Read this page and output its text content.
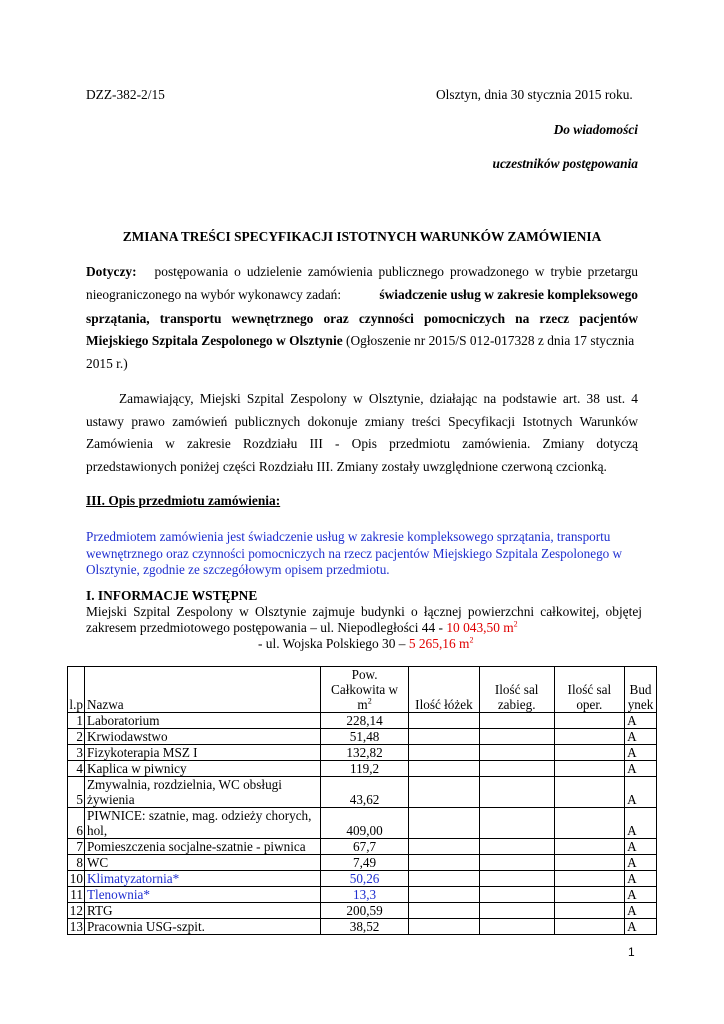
DZZ-382-2/15	Olsztyn, dnia 30 stycznia 2015 roku.
Do wiadomości
uczestników postępowania
ZMIANA TREŚCI SPECYFIKACJI ISTOTNYCH WARUNKÓW ZAMÓWIENIA
Dotyczy: postępowania o udzielenie zamówienia publicznego prowadzonego w trybie przetargu
nieograniczonego na wybór wykonawcy zadań:	świadczenie usług w zakresie kompleksowego
sprzątania, transportu wewnętrznego oraz czynności pomocniczych na rzecz pacjentów
Miejskiego Szpitala Zespolonego w Olsztynie (Ogłoszenie nr 2015/S 012-017328 z dnia 17 stycznia
2015 r.)
Zamawiający, Miejski Szpital Zespolony w Olsztynie, działając na podstawie art. 38 ust. 4
ustawy prawo zamówień publicznych dokonuje zmiany treści Specyfikacji Istotnych Warunków
Zamówienia w zakresie Rozdziału III - Opis przedmiotu zamówienia. Zmiany dotyczą
przedstawionych poniżej części Rozdziału III. Zmiany zostały uwzględnione czerwoną czcionką.
III. Opis przedmiotu zamówienia:
Przedmiotem zamówienia jest świadczenie usług w zakresie kompleksowego sprzątania, transportu
wewnętrznego oraz czynności pomocniczych na rzecz pacjentów Miejskiego Szpitala Zespolonego w
Olsztynie, zgodnie ze szczegółowym opisem przedmiotu.
I. INFORMACJE WSTĘPNE
Miejski Szpital Zespolony w Olsztynie zajmuje budynki o łącznej powierzchni całkowitej, objętej
zakresem przedmiotowego postępowania – ul. Niepodległości 44 - 10 043,50 $m^2$
- ul. Wojska Polskiego 30 – 5 265,16 $m^2$
l.p	Nazwa	Pow. Całkowita w $m^2$	Ilość łóżek	Ilość sal zabieg.	Ilość sal oper.	Budynek
1	Laboratorium	228,14				A
2	Krwiodawstwo	51,48				A
3	Fizykoterapia MSZ I	132,82				A
4	Kaplica w piwnicy	119,2				A
5	Zmywalnia, rozdzielnia, WC obsługi żywienia	43,62				A
6	PIWNICE: szatnie, mag. odzieży chorych, hol,	409,00				A
7	Pomieszczenia socjalne-szatnie - piwnica	67,7				A
8	WC	7,49				A
10	Klimatyzatornia*	50,26				A
11	Tlenownia*	13,3				A
12	RTG	200,59				A
13	Pracownia USG-szpit.	38,52				A
1
